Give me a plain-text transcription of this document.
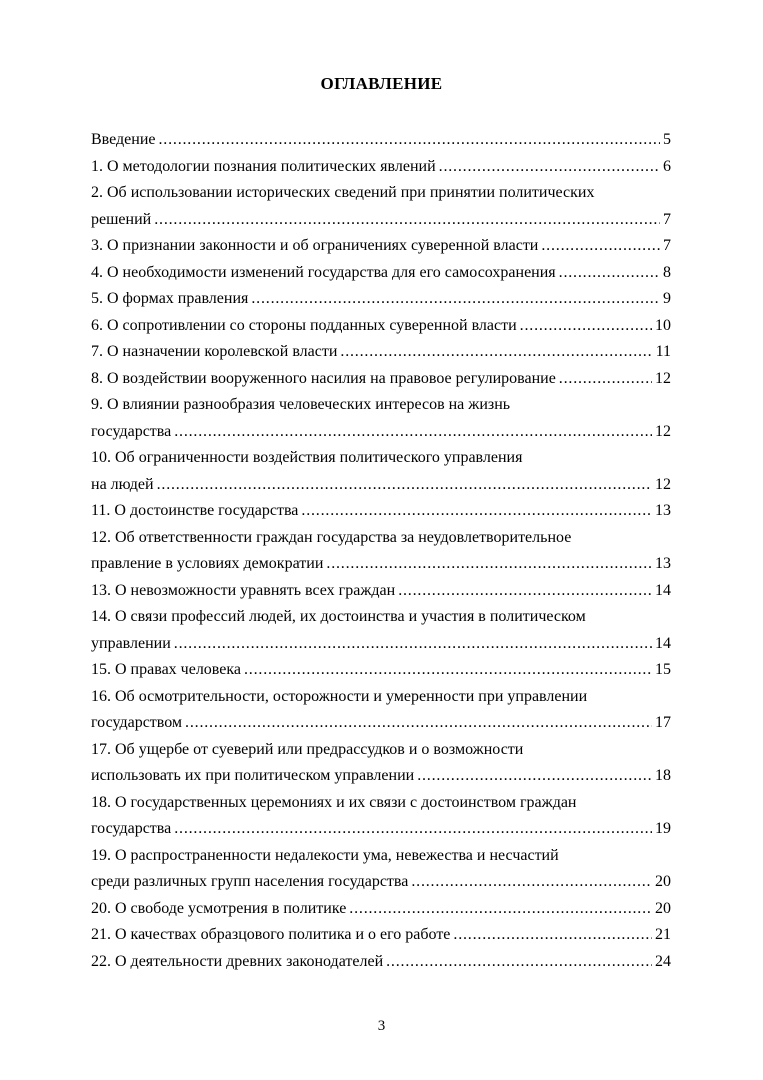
ОГЛАВЛЕНИЕ
Введение . . .	5
1. О методологии познания политических явлений . . .	6
2. Об использовании исторических сведений при принятии политических
решений . . .	7
3. О признании законности и об ограничениях суверенной власти . . .	7
4. О необходимости изменений государства для его самосохранения . . .	8
5. О формах правления . . .	9
6. О сопротивлении со стороны подданных суверенной власти . . .	10
7. О назначении королевской власти . . .	11
8. О воздействии вооруженного насилия на правовое регулирование . . .	12
9. О влиянии разнообразия человеческих интересов на жизнь
государства . . .	12
10. Об ограниченности воздействия политического управления
на людей . . .	12
11. О достоинстве государства . . .	13
12. Об ответственности граждан государства за неудовлетворительное
правление в условиях демократии . . .	13
13. О невозможности уравнять всех граждан . . .	14
14. О связи профессий людей, их достоинства и участия в политическом
управлении . . .	14
15. О правах человека . . .	15
16. Об осмотрительности, осторожности и умеренности при управлении
государством . . .	17
17. Об ущербе от суеверий или предрассудков и о возможности
использовать их при политическом управлении . . .	18
18. О государственных церемониях и их связи с достоинством граждан
государства . . .	19
19. О распространенности недалекости ума, невежества и несчастий
среди различных групп населения государства . . .	20
20. О свободе усмотрения в политике . . .	20
21. О качествах образцового политика и о его работе . . .	21
22. О деятельности древних законодателей . . .	24
3
